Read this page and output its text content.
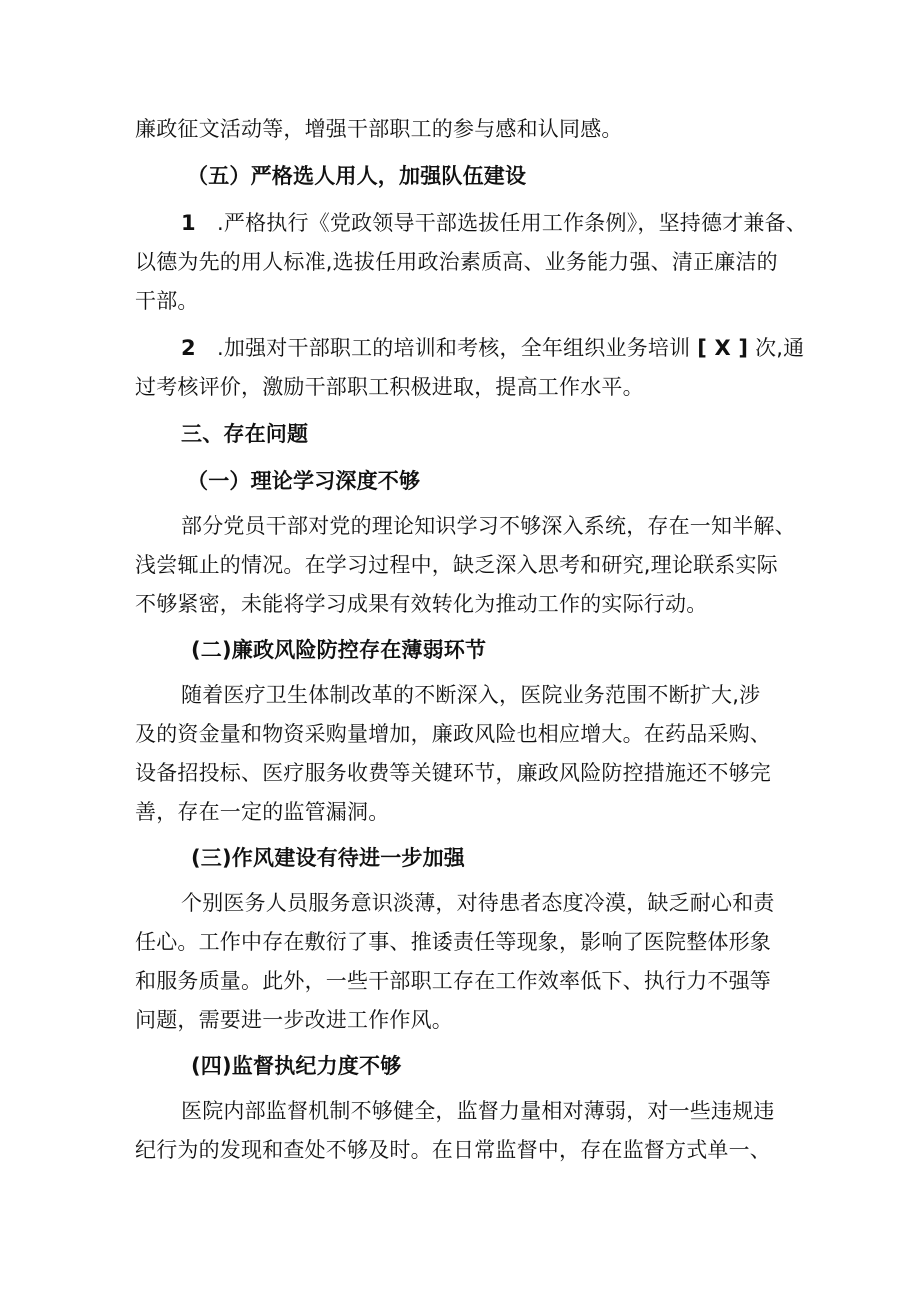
廉政征文活动等，增强干部职工的参与感和认同感。
（五）严格选人用人，加强队伍建设
1  .严格执行《党政领导干部选拔任用工作条例》，坚持德才兼备、
以德为先的用人标准,选拔任用政治素质高、业务能力强、清正廉洁的
干部。
2  .加强对干部职工的培训和考核，全年组织业务培训 [ X ] 次,通
过考核评价，激励干部职工积极进取，提高工作水平。
三、存在问题
（一）理论学习深度不够
部分党员干部对党的理论知识学习不够深入系统，存在一知半解、
浅尝辄止的情况。在学习过程中，缺乏深入思考和研究,理论联系实际
不够紧密，未能将学习成果有效转化为推动工作的实际行动。
(二)廉政风险防控存在薄弱环节
随着医疗卫生体制改革的不断深入，医院业务范围不断扩大,涉
及的资金量和物资采购量增加，廉政风险也相应增大。在药品采购、
设备招投标、医疗服务收费等关键环节，廉政风险防控措施还不够完
善，存在一定的监管漏洞。
(三)作风建设有待进一步加强
个别医务人员服务意识淡薄，对待患者态度冷漠，缺乏耐心和责
任心。工作中存在敷衍了事、推诿责任等现象，影响了医院整体形象
和服务质量。此外，一些干部职工存在工作效率低下、执行力不强等
问题，需要进一步改进工作作风。
(四)监督执纪力度不够
医院内部监督机制不够健全，监督力量相对薄弱，对一些违规违
纪行为的发现和查处不够及时。在日常监督中，存在监督方式单一、
